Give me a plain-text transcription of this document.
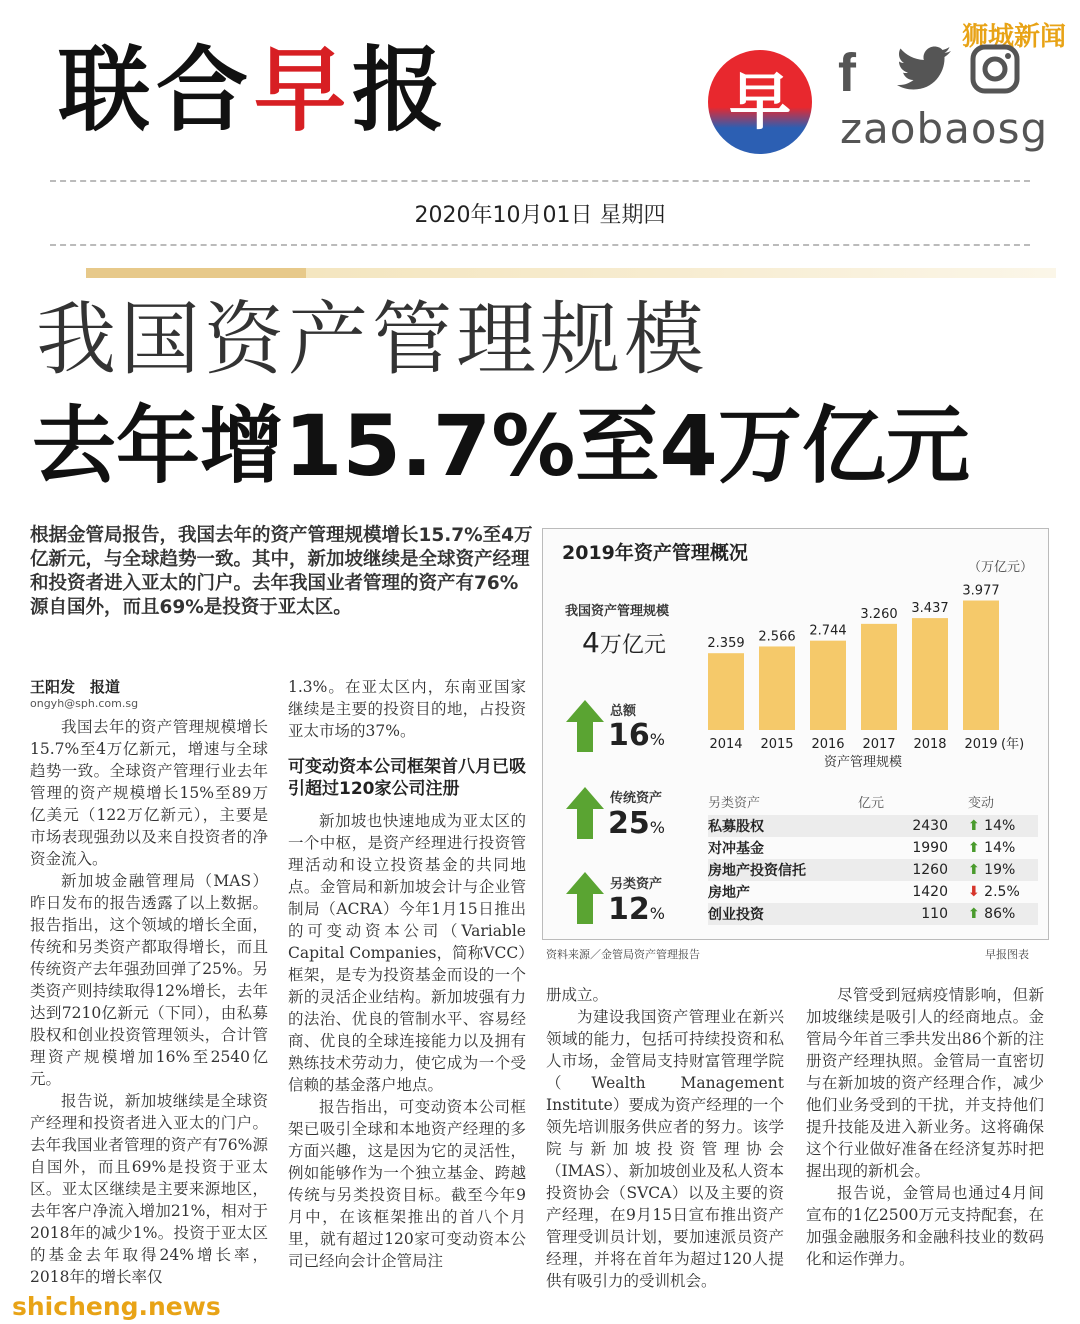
联合早报	狮城新闻
早 f
zaobaosg
2020年10月01日 星期四
我国资产管理规模
去年增15.7%至4万亿元
根据金管局报告，我国去年的资产管理规模增长15.7%至4万亿新元，与全球趋势一致。其中，新加坡继续是全球资产经理和投资者进入亚太的门户。去年我国业者管理的资产有76%源自国外，而且69%是投资于亚太区。
王阳发　报道
ongyh@sph.com.sg

我国去年的资产管理规模增长15.7%至4万亿新元，增速与全球趋势一致。全球资产管理行业去年管理的资产规模增长15%至89万亿美元（122万亿新元），主要是市场表现强劲以及来自投资者的净资金流入。

新加坡金融管理局（MAS）昨日发布的报告透露了以上数据。报告指出，这个领域的增长全面，传统和另类资产都取得增长，而且传统资产去年强劲回弹了25%。另类资产则持续取得12%增长，去年达到7210亿新元（下同），由私募股权和创业投资管理领头，合计管理资产规模增加16%至2540亿元。

报告说，新加坡继续是全球资产经理和投资者进入亚太的门户。去年我国业者管理的资产有76%源自国外，而且69%是投资于亚太区。亚太区继续是主要来源地区，去年客户净流入增加21%，相对于2018年的减少1%。投资于亚太区的基金去年取得24%增长率，2018年的增长率仅

1.3%。在亚太区内，东南亚国家继续是主要的投资目的地，占投资亚太市场的37%。

可变动资本公司框架首八月已吸引超过120家公司注册

新加坡也快速地成为亚太区的一个中枢，是资产经理进行投资管理活动和设立投资基金的共同地点。金管局和新加坡会计与企业管制局（ACRA）今年1月15日推出的可变动资本公司（Variable Capital Companies，简称VCC）框架，是专为投资基金而设的一个新的灵活企业结构。新加坡强有力的法治、优良的管制水平、容易经商、优良的全球连接能力以及拥有熟练技术劳动力，使它成为一个受信赖的基金落户地点。

报告指出，可变动资本公司框架已吸引全球和本地资产经理的多方面兴趣，这是因为它的灵活性，例如能够作为一个独立基金、跨越传统与另类投资目标。截至今年9月中，在该框架推出的首八个月里，就有超过120家可变动资本公司已经向会计企管局注

册成立。

为建设我国资产管理业在新兴领域的能力，包括可持续投资和私人市场，金管局支持财富管理学院（Wealth Management Institute）要成为资产经理的一个领先培训服务供应者的努力。该学院与新加坡投资管理协会（IMAS）、新加坡创业及私人资本投资协会（SVCA）以及主要的资产经理，在9月15日宣布推出资产管理受训员计划，要加速派员资产经理，并将在首年为超过120人提供有吸引力的受训机会。

尽管受到冠病疫情影响，但新加坡继续是吸引人的经商地点。金管局今年首三季共发出86个新的注册资产经理执照。金管局一直密切与在新加坡的资产经理合作，减少他们业务受到的干扰，并支持他们提升技能及进入新业务。这将确保这个行业做好准备在经济复苏时把握出现的新机会。

报告说，金管局也通过4月间宣布的1亿2500万元支持配套，在加强金融服务和金融科技业的数码化和运作弹力。

2019年资产管理概况
（万亿元）
我国资产管理规模
4万亿元
总额
16%
传统资产
25%
另类资产
12%
2.359
2014
2.566
2015
2.744
2016
3.260
2017
3.437
2018
3.977
2019 (年)
资产管理规模
另类资产	亿元	变动
私募股权	2430	⬆ 14%
对冲基金	1990	⬆ 14%
房地产投资信托	1260	⬆ 19%
房地产	1420	⬇ 2.5%
创业投资	110	⬆ 86%
资料来源／金管局资产管理报告	早报图表
shicheng.news
